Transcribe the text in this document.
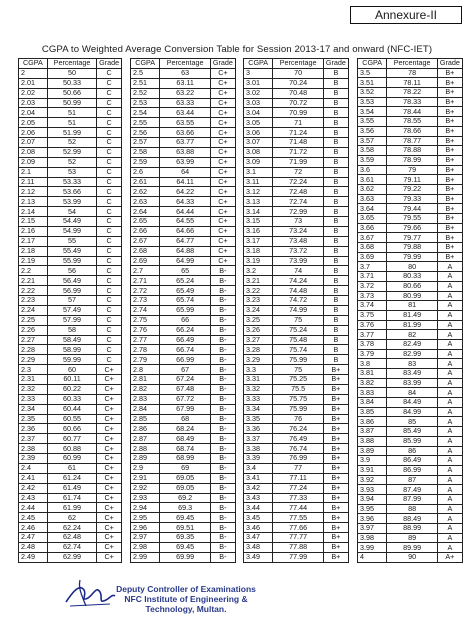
Annexure-II
CGPA to Weighted Average Conversion Table for Session 2013-17 and onward (NFC-IET)
CGPA	Percentage	Grade
2	50	C
2.01	50.33	C
2.02	50.66	C
2.03	50.99	C
2.04	51	C
2.05	51	C
2.06	51.99	C
2.07	52	C
2.08	52.99	C
2.09	52	C
2.1	53	C
2.11	53.33	C
2.12	53.66	C
2.13	53.99	C
2.14	54	C
2.15	54.49	C
2.16	54.99	C
2.17	55	C
2.18	55.49	C
2.19	55.99	C
2.2	56	C
2.21	56.49	C
2.22	56.99	C
2.23	57	C
2.24	57.49	C
2.25	57.99	C
2.26	58	C
2.27	58.49	C
2.28	58.99	C
2.29	59.99	C
2.3	60	C+
2.31	60.11	C+
2.32	60.22	C+
2.33	60.33	C+
2.34	60.44	C+
2.35	60.55	C+
2.36	60.66	C+
2.37	60.77	C+
2.38	60.88	C+
2.39	60.99	C+
2.4	61	C+
2.41	61.24	C+
2.42	61.49	C+
2.43	61.74	C+
2.44	61.99	C+
2.45	62	C+
2.46	62.24	C+
2.47	62.48	C+
2.48	62.74	C+
2.49	62.99	C+
CGPA	Percentage	Grade
2.5	63	C+
2.51	63.11	C+
2.52	63.22	C+
2.53	63.33	C+
2.54	63.44	C+
2.55	63.55	C+
2.56	63.66	C+
2.57	63.77	C+
2.58	63.88	C+
2.59	63.99	C+
2.6	64	C+
2.61	64.11	C+
2.62	64.22	C+
2.63	64.33	C+
2.64	64.44	C+
2.65	64.55	C+
2.66	64.66	C+
2.67	64.77	C+
2.68	64.88	C+
2.69	64.99	C+
2.7	65	B-
2.71	65.24	B-
2.72	65.49	B-
2.73	65.74	B-
2.74	65.99	B-
2.75	66	B-
2.76	66.24	B-
2.77	66.49	B-
2.78	66.74	B-
2.79	66.99	B-
2.8	67	B-
2.81	67.24	B-
2.82	67.48	B-
2.83	67.72	B-
2.84	67.99	B-
2.85	68	B-
2.86	68.24	B-
2.87	68.49	B-
2.88	68.74	B-
2.89	68.99	B-
2.9	69	B-
2.91	69.05	B-
2.92	69.05	B-
2.93	69.2	B-
2.94	69.3	B-
2.95	69.45	B-
2.96	69.51	B-
2.97	69.35	B-
2.98	69.45	B-
2.99	69.99	B-
CGPA	Percentage	Grade
3	70	B
3.01	70.24	B
3.02	70.48	B
3.03	70.72	B
3.04	70.99	B
3.05	71	B
3.06	71.24	B
3.07	71.48	B
3.08	71.72	B
3.09	71.99	B
3.1	72	B
3.11	72.24	B
3.12	72.48	B
3.13	72.74	B
3.14	72.99	B
3.15	73	B
3.16	73.24	B
3.17	73.48	B
3.18	73.72	B
3.19	73.99	B
3.2	74	B
3.21	74.24	B
3.22	74.48	B
3.23	74.72	B
3.24	74.99	B
3.25	75	B
3.26	75.24	B
3.27	75.48	B
3.28	75.74	B
3.29	75.99	B
3.3	75	B+
3.31	75.25	B+
3.32	75.5	B+
3.33	75.75	B+
3.34	75.99	B+
3.35	76	B+
3.36	76.24	B+
3.37	76.49	B+
3.38	76.74	B+
3.39	76.99	B+
3.4	77	B+
3.41	77.11	B+
3.42	77.24	B+
3.43	77.33	B+
3.44	77.44	B+
3.45	77.55	B+
3.46	77.66	B+
3.47	77.77	B+
3.48	77.88	B+
3.49	77.99	B+
CGPA	Percentage	Grade
3.5	78	B+
3.51	78.11	B+
3.52	78.22	B+
3.53	78.33	B+
3.54	78.44	B+
3.55	78.55	B+
3.56	78.66	B+
3.57	78.77	B+
3.58	78.88	B+
3.59	78.99	B+
3.6	79	B+
3.61	79.11	B+
3.62	79.22	B+
3.63	79.33	B+
3.64	79.44	B+
3.65	79.55	B+
3.66	79.66	B+
3.67	79.77	B+
3.68	79.88	B+
3.69	79.99	B+
3.7	80	A
3.71	80.33	A
3.72	80.66	A
3.73	80.99	A
3.74	81	A
3.75	81.49	A
3.76	81.99	A
3.77	82	A
3.78	82.49	A
3.79	82.99	A
3.8	83	A
3.81	83.49	A
3.82	83.99	A
3.83	84	A
3.84	84.49	A
3.85	84.99	A
3.86	85	A
3.87	85.49	A
3.88	85.99	A
3.89	86	A
3.9	86.49	A
3.91	86.99	A
3.92	87	A
3.93	87.49	A
3.94	87.99	A
3.95	88	A
3.96	88.49	A
3.97	88.99	A
3.98	89	A
3.99	89.99	A
4	90	A+
Deputy Controller of Examinations
NFC Institute of Engineering &
Technology, Multan.
